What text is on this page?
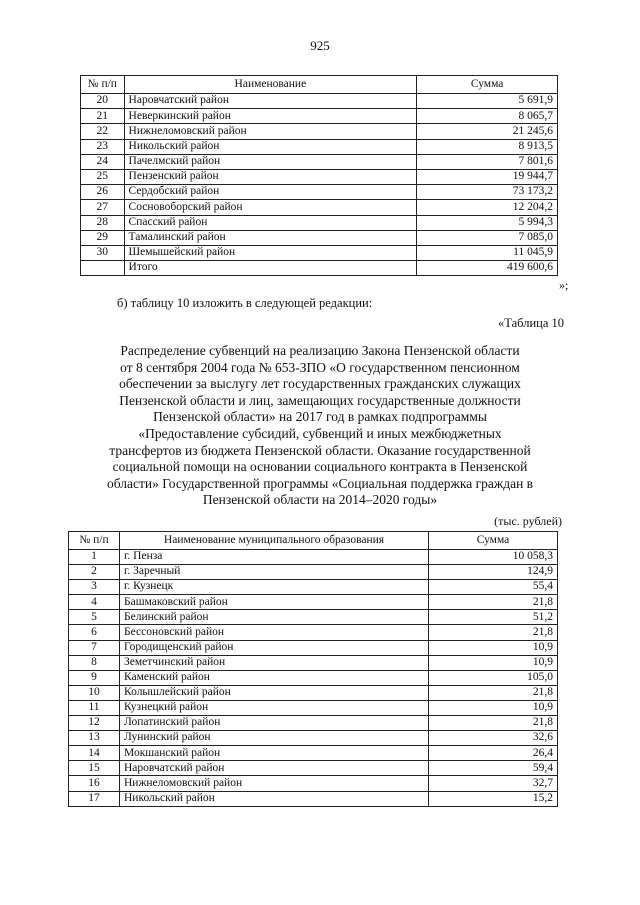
925
№ п/п	Наименование	Сумма
20	Наровчатский район	5 691,9
21	Неверкинский район	8 065,7
22	Нижнеломовский район	21 245,6
23	Никольский район	8 913,5
24	Пачелмский район	7 801,6
25	Пензенский район	19 944,7
26	Сердобский район	73 173,2
27	Сосновоборский район	12 204,2
28	Спасский район	5 994,3
29	Тамалинский район	7 085,0
30	Шемышейский район	11 045,9
	Итого	419 600,6
»;
б) таблицу 10 изложить в следующей редакции:
«Таблица 10
Распределение субвенций на реализацию Закона Пензенской области
от 8 сентября 2004 года № 653-ЗПО «О государственном пенсионном
обеспечении за выслугу лет государственных гражданских служащих
Пензенской области и лиц, замещающих государственные должности
Пензенской области» на 2017 год в рамках подпрограммы
«Предоставление субсидий, субвенций и иных межбюджетных
трансфертов из бюджета Пензенской области. Оказание государственной
социальной помощи на основании социального контракта в Пензенской
области» Государственной программы «Социальная поддержка граждан в
Пензенской области на 2014–2020 годы»
(тыс. рублей)
№ п/п	Наименование муниципального образования	Сумма
1	г. Пенза	10 058,3
2	г. Заречный	124,9
3	г. Кузнецк	55,4
4	Башмаковский район	21,8
5	Белинский район	51,2
6	Бессоновский район	21,8
7	Городищенский район	10,9
8	Земетчинский район	10,9
9	Каменский район	105,0
10	Колышлейский район	21,8
11	Кузнецкий район	10,9
12	Лопатинский район	21,8
13	Лунинский район	32,6
14	Мокшанский район	26,4
15	Наровчатский район	59,4
16	Нижнеломовский район	32,7
17	Никольский район	15,2
